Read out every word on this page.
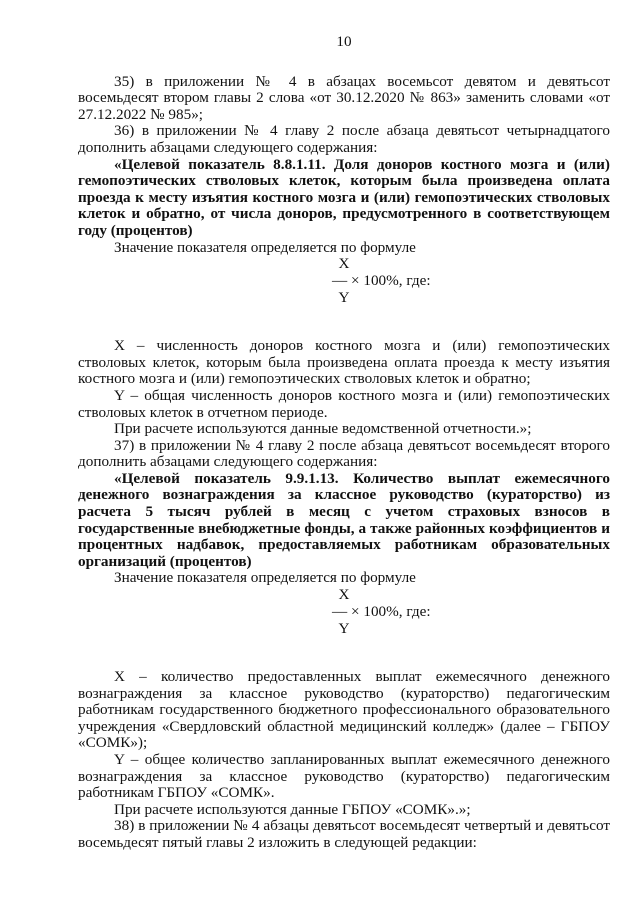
10

35) в приложении № 4 в абзацах восемьсот девятом и девятьсот восемьдесят втором главы 2 слова «от 30.12.2020 № 863» заменить словами «от 27.12.2022 № 985»;

36) в приложении № 4 главу 2 после абзаца девятьсот четырнадцатого дополнить абзацами следующего содержания:

«Целевой показатель 8.8.1.11. Доля доноров костного мозга и (или) гемопоэтических стволовых клеток, которым была произведена оплата проезда к месту изъятия костного мозга и (или) гемопоэтических стволовых клеток и обратно, от числа доноров, предусмотренного в соответствующем году (процентов)

Значение показателя определяется по формуле

X
— × 100%, где:
Y

X – численность доноров костного мозга и (или) гемопоэтических стволовых клеток, которым была произведена оплата проезда к месту изъятия костного мозга и (или) гемопоэтических стволовых клеток и обратно;

Y – общая численность доноров костного мозга и (или) гемопоэтических стволовых клеток в отчетном периоде.

При расчете используются данные ведомственной отчетности.»;

37) в приложении № 4 главу 2 после абзаца девятьсот восемьдесят второго дополнить абзацами следующего содержания:

«Целевой показатель 9.9.1.13. Количество выплат ежемесячного денежного вознаграждения за классное руководство (кураторство) из расчета 5 тысяч рублей в месяц с учетом страховых взносов в государственные внебюджетные фонды, а также районных коэффициентов и процентных надбавок, предоставляемых работникам образовательных организаций (процентов)

Значение показателя определяется по формуле

X
— × 100%, где:
Y

X – количество предоставленных выплат ежемесячного денежного вознаграждения за классное руководство (кураторство) педагогическим работникам государственного бюджетного профессионального образовательного учреждения «Свердловский областной медицинский колледж» (далее – ГБПОУ «СОМК»);

Y – общее количество запланированных выплат ежемесячного денежного вознаграждения за классное руководство (кураторство) педагогическим работникам ГБПОУ «СОМК».

При расчете используются данные ГБПОУ «СОМК».»;

38) в приложении № 4 абзацы девятьсот восемьдесят четвертый и девятьсот восемьдесят пятый главы 2 изложить в следующей редакции:
